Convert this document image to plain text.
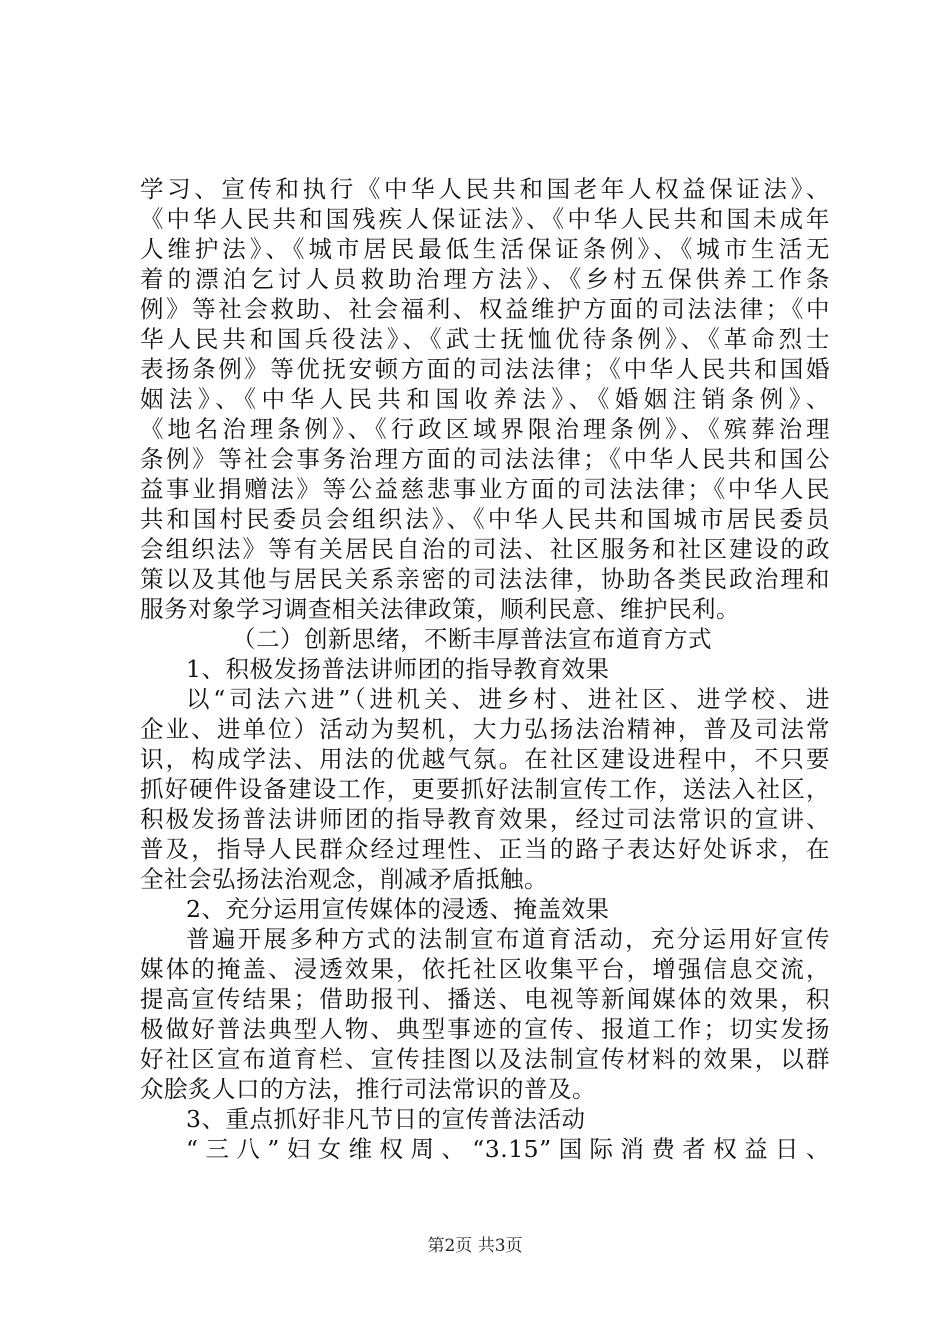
学习、宣传和执行《中华人民共和国老年人权益保证法》、
《中华人民共和国残疾人保证法》、《中华人民共和国未成年
人维护法》、《城市居民最低生活保证条例》、《城市生活无
着的漂泊乞讨人员救助治理方法》、《乡村五保供养工作条
例》等社会救助、社会福利、权益维护方面的司法法律；《中
华人民共和国兵役法》、《武士抚恤优待条例》、《革命烈士
表扬条例》等优抚安顿方面的司法法律；《中华人民共和国婚
姻法》、《中华人民共和国收养法》、《婚姻注销条例》、
《地名治理条例》、《行政区域界限治理条例》、《殡葬治理
条例》等社会事务治理方面的司法法律；《中华人民共和国公
益事业捐赠法》等公益慈悲事业方面的司法法律；《中华人民
共和国村民委员会组织法》、《中华人民共和国城市居民委员
会组织法》等有关居民自治的司法、社区服务和社区建设的政
策以及其他与居民关系亲密的司法法律，协助各类民政治理和
服务对象学习调查相关法律政策，顺利民意、维护民利。
（二）创新思绪，不断丰厚普法宣布道育方式
1、积极发扬普法讲师团的指导教育效果
以“司法六进”（进机关、进乡村、进社区、进学校、进
企业、进单位）活动为契机，大力弘扬法治精神，普及司法常
识，构成学法、用法的优越气氛。在社区建设进程中，不只要
抓好硬件设备建设工作，更要抓好法制宣传工作，送法入社区，
积极发扬普法讲师团的指导教育效果，经过司法常识的宣讲、
普及，指导人民群众经过理性、正当的路子表达好处诉求，在
全社会弘扬法治观念，削减矛盾抵触。
2、充分运用宣传媒体的浸透、掩盖效果
普遍开展多种方式的法制宣布道育活动，充分运用好宣传
媒体的掩盖、浸透效果，依托社区收集平台，增强信息交流，
提高宣传结果；借助报刊、播送、电视等新闻媒体的效果，积
极做好普法典型人物、典型事迹的宣传、报道工作；切实发扬
好社区宣布道育栏、宣传挂图以及法制宣传材料的效果，以群
众脍炙人口的方法，推行司法常识的普及。
3、重点抓好非凡节日的宣传普法活动
“三八”妇女维权周、“3.15”国际消费者权益日、
第2页 共3页
